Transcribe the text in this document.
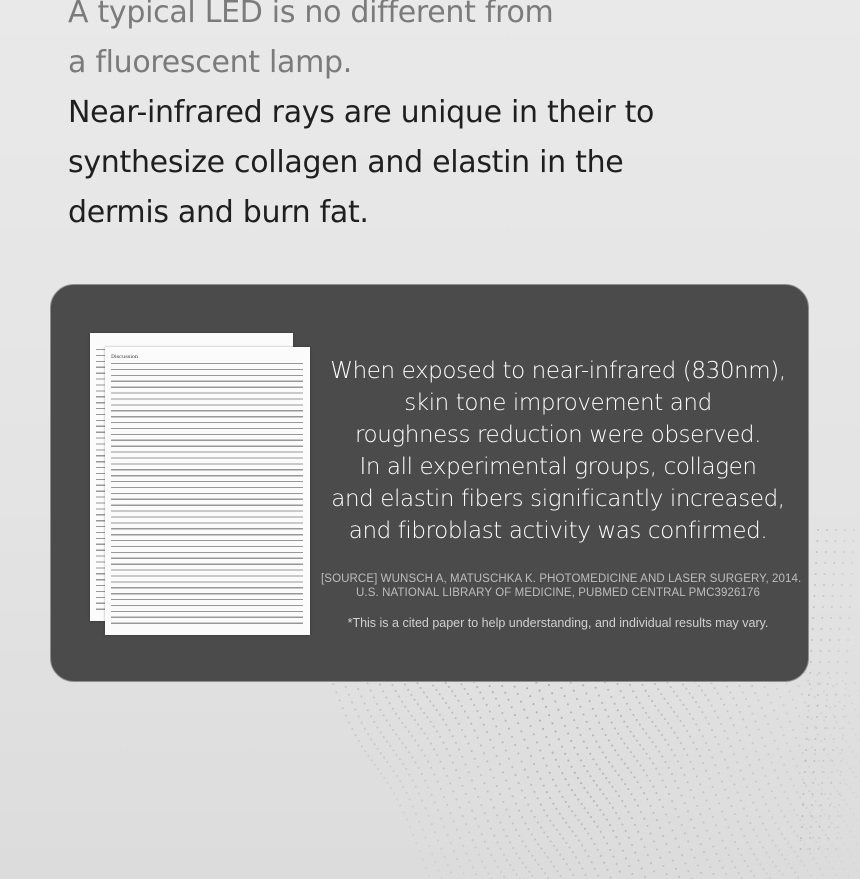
A typical LED is no different from
a fluorescent lamp.
Near-infrared rays are unique in their to
synthesize collagen and elastin in the
dermis and burn fat.
Discussion

When exposed to near-infrared (830nm),
skin tone improvement and
roughness reduction were observed.
In all experimental groups, collagen
and elastin fibers significantly increased,
and fibroblast activity was confirmed.

[SOURCE] WUNSCH A, MATUSCHKA K. PHOTOMEDICINE AND LASER SURGERY, 2014.
U.S. NATIONAL LIBRARY OF MEDICINE, PUBMED CENTRAL PMC3926176
*This is a cited paper to help understanding, and individual results may vary.
